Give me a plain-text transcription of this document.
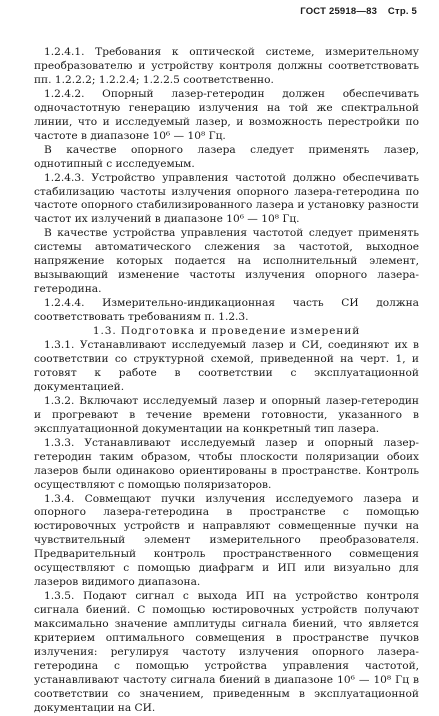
ГОСТ 25918—83 Стр. 5

1.2.4.1. Требования к оптической системе, измерительному преобразователю и устройству контроля должны соответствовать пп. 1.2.2.2; 1.2.2.4; 1.2.2.5 соответственно.

1.2.4.2. Опорный лазер-гетеродин должен обеспечивать одночастотную генерацию излучения на той же спектральной линии, что и исследуемый лазер, и возможность перестройки по частоте в диапазоне 10⁶ — 10⁸ Гц.

В качестве опорного лазера следует применять лазер, однотипный с исследуемым.

1.2.4.3. Устройство управления частотой должно обеспечивать стабилизацию частоты излучения опорного лазера-гетеродина по частоте опорного стабилизированного лазера и установку разности частот их излучений в диапазоне 10⁶ — 10⁸ Гц.

В качестве устройства управления частотой следует применять системы автоматического слежения за частотой, выходное напряжение которых подается на исполнительный элемент, вызывающий изменение частоты излучения опорного лазера-гетеродина.

1.2.4.4. Измерительно-индикационная часть СИ должна соответствовать требованиям п. 1.2.3.

1.3. Подготовка и проведение измерений

1.3.1. Устанавливают исследуемый лазер и СИ, соединяют их в соответствии со структурной схемой, приведенной на черт. 1, и готовят к работе в соответствии с эксплуатационной документацией.

1.3.2. Включают исследуемый лазер и опорный лазер-гетеродин и прогревают в течение времени готовности, указанного в эксплуатационной документации на конкретный тип лазера.

1.3.3. Устанавливают исследуемый лазер и опорный лазер-гетеродин таким образом, чтобы плоскости поляризации обоих лазеров были одинаково ориентированы в пространстве. Контроль осуществляют с помощью поляризаторов.

1.3.4. Совмещают пучки излучения исследуемого лазера и опорного лазера-гетеродина в пространстве с помощью юстировочных устройств и направляют совмещенные пучки на чувствительный элемент измерительного преобразователя. Предварительный контроль пространственного совмещения осуществляют с помощью диафрагм и ИП или визуально для лазеров видимого диапазона.

1.3.5. Подают сигнал с выхода ИП на устройство контроля сигнала биений. С помощью юстировочных устройств получают максимально значение амплитуды сигнала биений, что является критерием оптимального совмещения в пространстве пучков излучения: регулируя частоту излучения опорного лазера-гетеродина с помощью устройства управления частотой, устанавливают частоту сигнала биений в диапазоне 10⁶ — 10⁸ Гц в соответствии со значением, приведенным в эксплуатационной документации на СИ.
